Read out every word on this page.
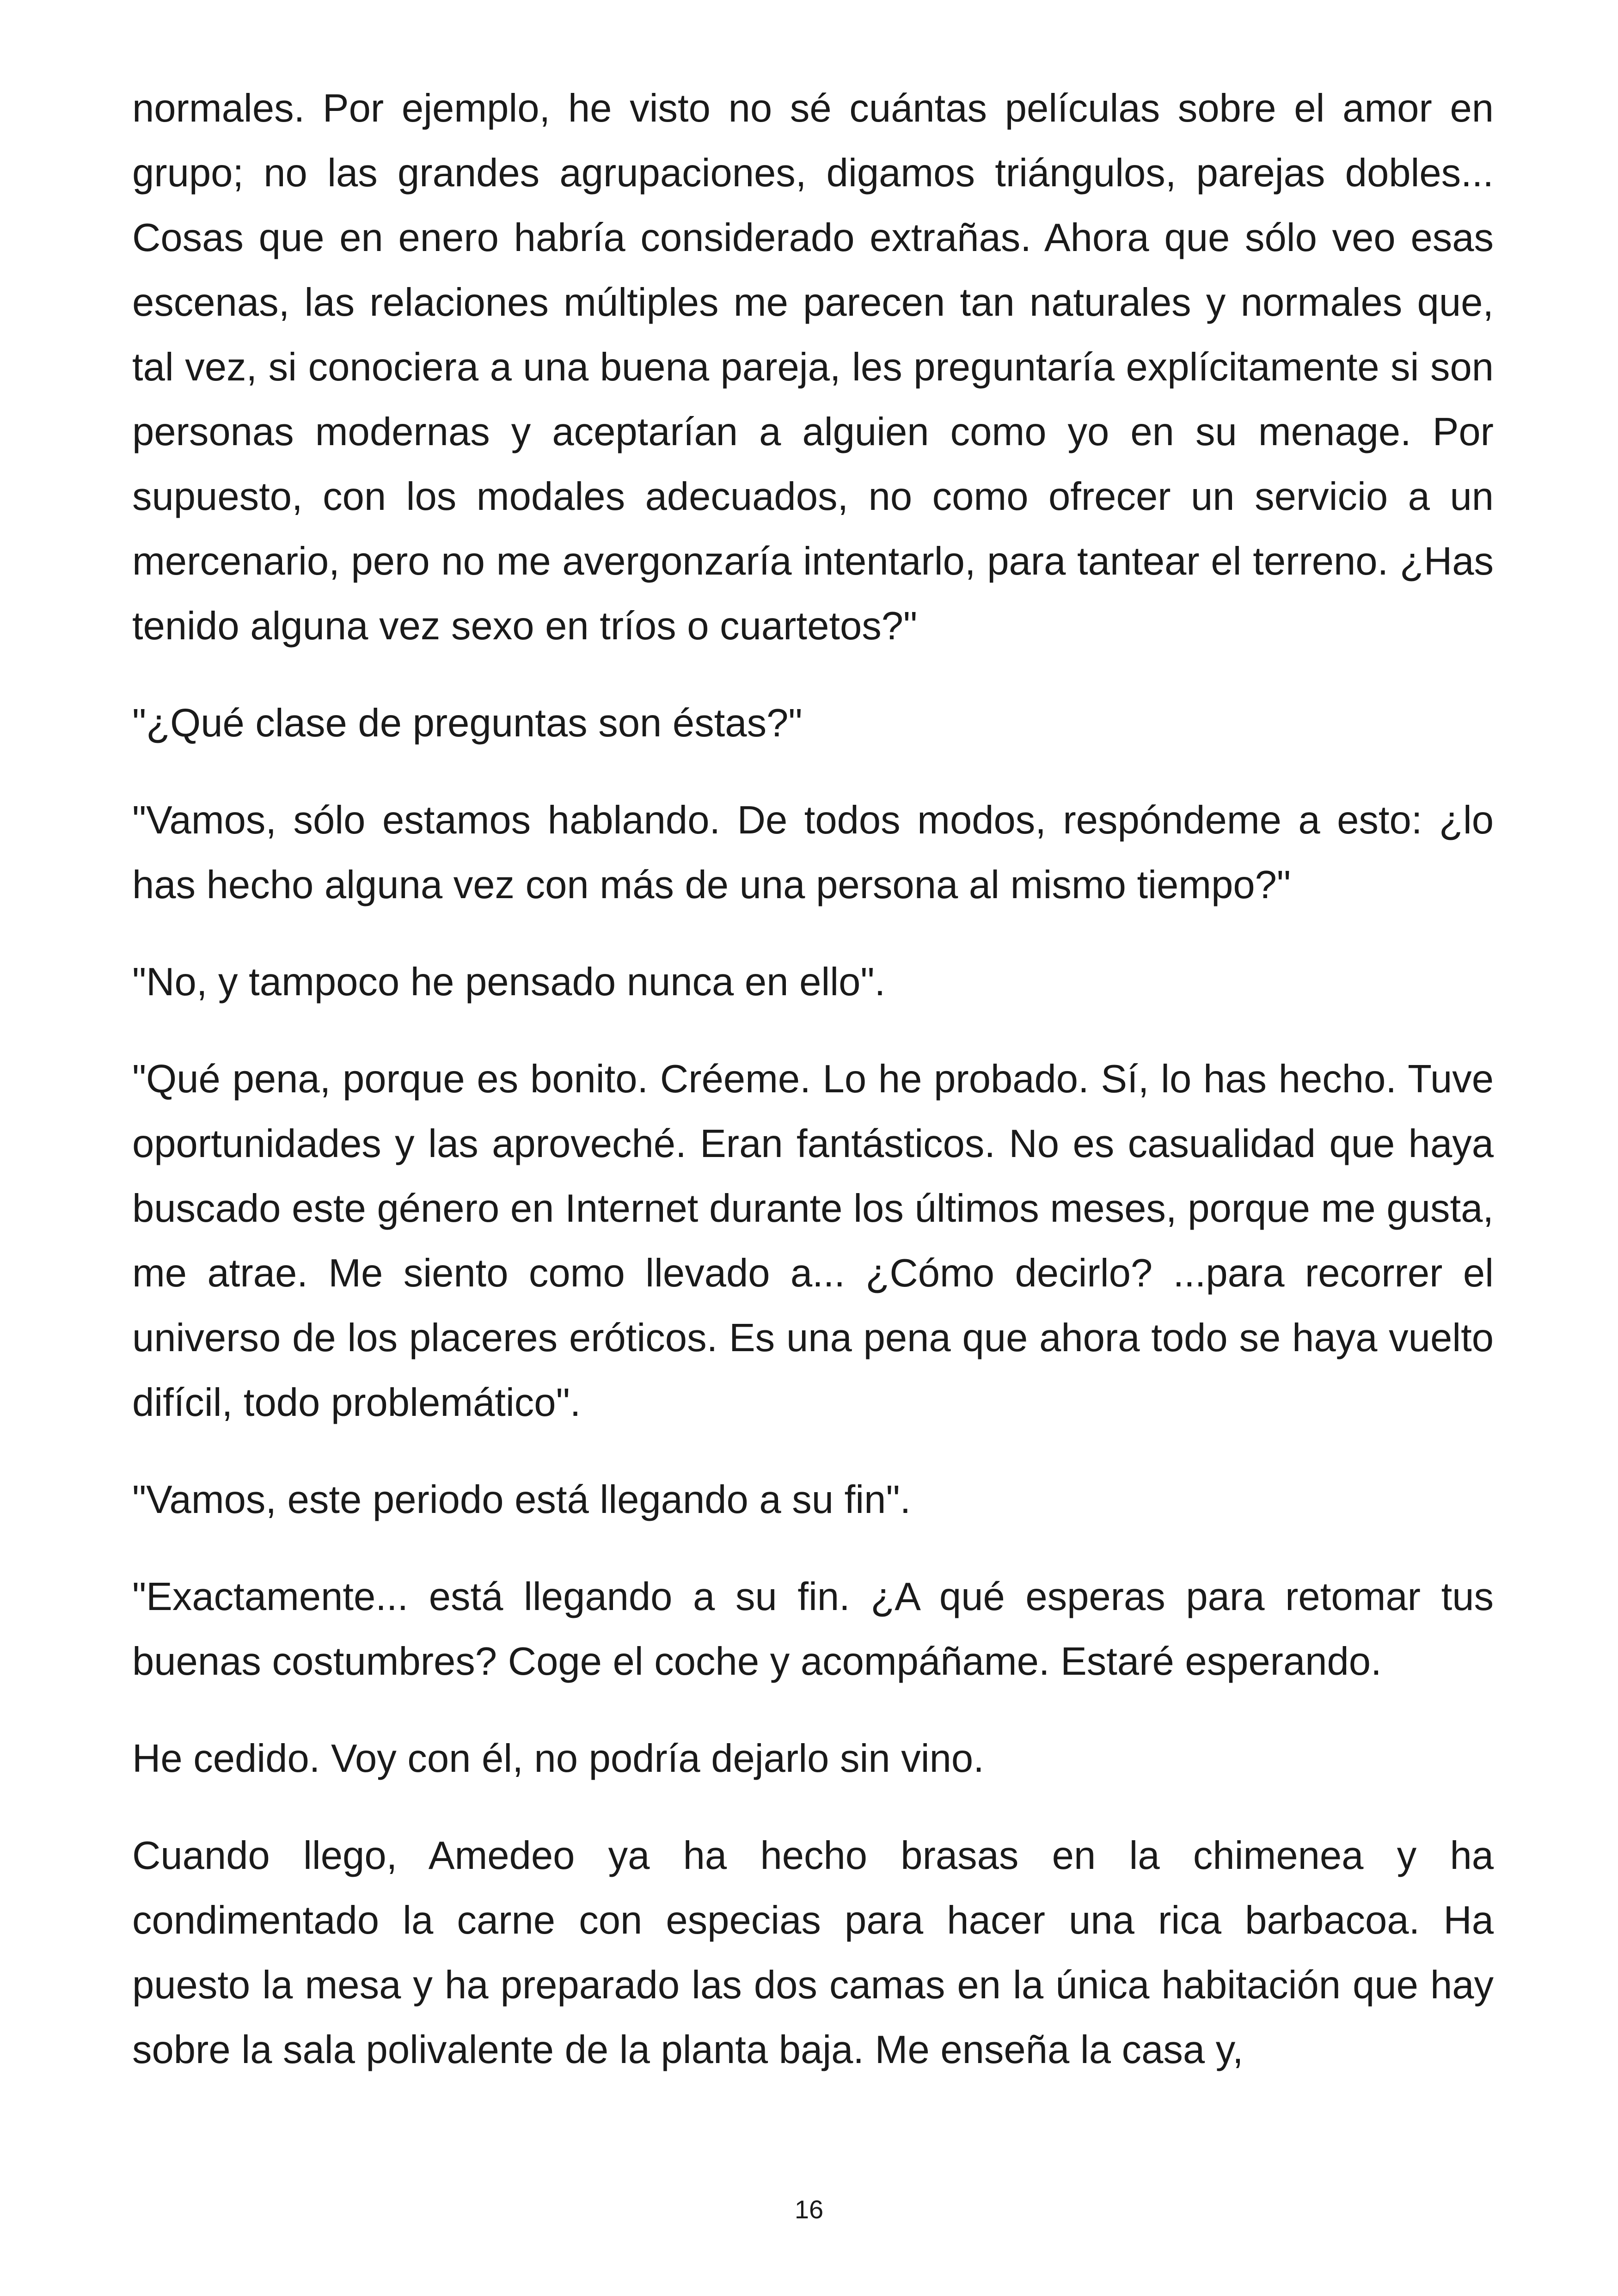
normales. Por ejemplo, he visto no sé cuántas películas sobre el amor en grupo; no las grandes agrupaciones, digamos triángulos, parejas dobles... Cosas que en enero habría considerado extrañas. Ahora que sólo veo esas escenas, las relaciones múltiples me parecen tan naturales y normales que, tal vez, si conociera a una buena pareja, les preguntaría explícitamente si son personas modernas y aceptarían a alguien como yo en su menage. Por supuesto, con los modales adecuados, no como ofrecer un servicio a un mercenario, pero no me avergonzaría intentarlo, para tantear el terreno. ¿Has tenido alguna vez sexo en tríos o cuartetos?"

"¿Qué clase de preguntas son éstas?"

"Vamos, sólo estamos hablando. De todos modos, respóndeme a esto: ¿lo has hecho alguna vez con más de una persona al mismo tiempo?"

"No, y tampoco he pensado nunca en ello".

"Qué pena, porque es bonito. Créeme. Lo he probado. Sí, lo has hecho. Tuve oportunidades y las aproveché. Eran fantásticos. No es casualidad que haya buscado este género en Internet durante los últimos meses, porque me gusta, me atrae. Me siento como llevado a... ¿Cómo decirlo? ...para recorrer el universo de los placeres eróticos. Es una pena que ahora todo se haya vuelto difícil, todo problemático".

"Vamos, este periodo está llegando a su fin".

"Exactamente... está llegando a su fin. ¿A qué esperas para retomar tus buenas costumbres? Coge el coche y acompáñame. Estaré esperando.

He cedido. Voy con él, no podría dejarlo sin vino.

Cuando llego, Amedeo ya ha hecho brasas en la chimenea y ha condimentado la carne con especias para hacer una rica barbacoa. Ha puesto la mesa y ha preparado las dos camas en la única habitación que hay sobre la sala polivalente de la planta baja. Me enseña la casa y,

16
